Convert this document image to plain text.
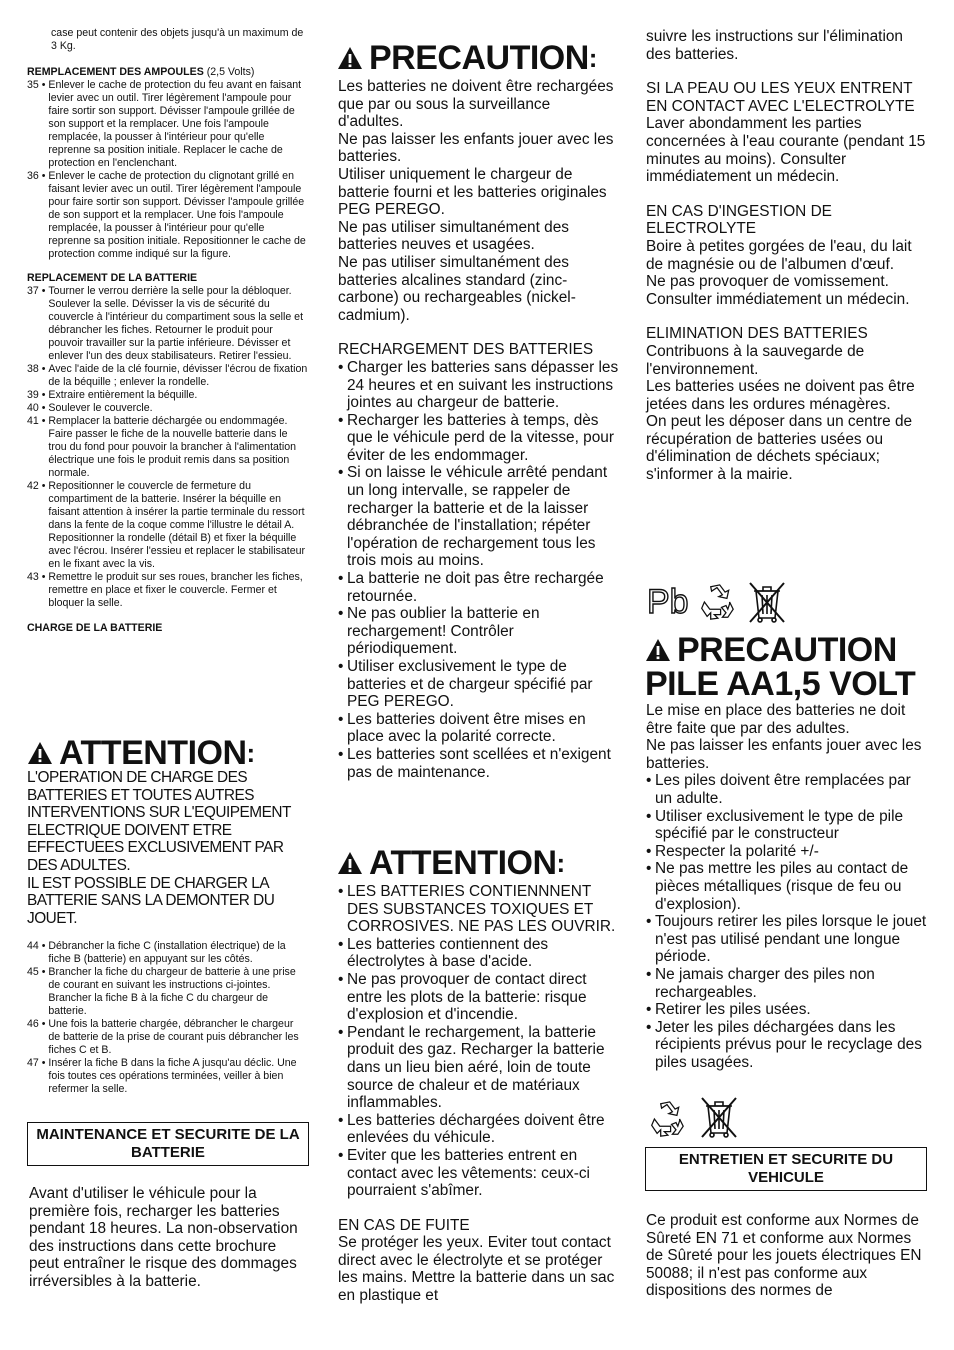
case peut contenir des objets jusqu'à un maximum de 3 Kg.

REMPLACEMENT DES AMPOULES (2,5 Volts)

35 •
Enlever le cache de protection du feu avant en faisant levier avec un outil. Tirer légèrement l'ampoule pour faire sortir son support. Dévisser l'ampoule grillée de son support et la remplacer. Une fois l'ampoule remplacée, la pousser à l'intérieur pour qu'elle reprenne sa position initiale. Replacer le cache de protection en l'enclenchant.
36 •
Enlever le cache de protection du clignotant grillé en faisant levier avec un outil. Tirer légèrement l'ampoule pour faire sortir son support. Dévisser l'ampoule grillée de son support et la remplacer. Une fois l'ampoule remplacée, la pousser à l'intérieur pour qu'elle reprenne sa position initiale. Repositionner le cache de protection comme indiqué sur la figure.

REPLACEMENT DE LA BATTERIE

37 •
Tourner le verrou derrière la selle pour la débloquer. Soulever la selle. Dévisser la vis de sécurité du couvercle à l'intérieur du compartiment sous la selle et débrancher les fiches. Retourner le produit pour pouvoir travailler sur la partie inférieure. Dévisser et enlever l'un des deux stabilisateurs. Retirer l'essieu.
38 •
Avec l'aide de la clé fournie, dévisser l'écrou de fixation de la béquille ; enlever la rondelle.
39 •
Extraire entièrement la béquille.
40 •
Soulever le couvercle.
41 •
Remplacer la batterie déchargée ou endommagée. Faire passer le fiche de la nouvelle batterie dans le trou du fond pour pouvoir la brancher à l'alimentation électrique une fois le produit remis dans sa position normale.
42 •
Repositionner le couvercle de fermeture du compartiment de la batterie. Insérer la béquille en faisant attention à insérer la partie terminale du ressort dans la fente de la coque comme l'illustre le détail A. Repositionner la rondelle (détail B) et fixer la béquille avec l'écrou. Insérer l'essieu et replacer le stabilisateur en le fixant avec la vis.
43 •
Remettre le produit sur ses roues, brancher les fiches, remettre en place et fixer le couvercle. Fermer et bloquer la selle.

CHARGE DE LA BATTERIE

ATTENTION :

L'OPERATION DE CHARGE DES BATTERIES ET TOUTES AUTRES INTERVENTIONS SUR L'EQUIPEMENT ELECTRIQUE DOIVENT ETRE EFFECTUEES EXCLUSIVEMENT PAR DES ADULTES.

IL EST POSSIBLE DE CHARGER LA BATTERIE SANS LA DEMONTER DU JOUET.

44 •
Débrancher la fiche C (installation électrique) de la fiche B (batterie) en appuyant sur les côtés.
45 •
Brancher la fiche du chargeur de batterie à une prise de courant en suivant les instructions ci-jointes. Brancher la fiche B à la fiche C du chargeur de batterie.
46 •
Une fois la batterie chargée, débrancher le chargeur de batterie de la prise de courant puis débrancher les fiches C et B.
47 •
Insérer la fiche B dans la fiche A jusqu'au déclic. Une fois toutes ces opérations terminées, veiller à bien refermer la selle.
MAINTENANCE ET SECURITE DE LA BATTERIE

Avant d'utiliser le véhicule pour la première fois, recharger les batteries pendant 18 heures. La non-observation des instructions dans cette brochure peut entraîner le risque des dommages irréversibles à la batterie.

PRECAUTION :

Les batteries ne doivent être rechargées que par ou sous la surveillance d'adultes.

Ne pas laisser les enfants jouer avec les batteries.

Utiliser uniquement le chargeur de batterie fourni et les batteries originales PEG PEREGO.

Ne pas utiliser simultanément des batteries neuves et usagées.

Ne pas utiliser simultanément des batteries alcalines standard (zinc-carbone) ou rechargeables (nickel-cadmium).

RECHARGEMENT DES BATTERIES

• Charger les batteries sans dépasser les 24 heures et en suivant les instructions jointes au chargeur de batterie.
• Recharger les batteries à temps, dès que le véhicule perd de la vitesse, pour éviter de les endommager.
• Si on laisse le véhicule arrêté pendant un long intervalle, se rappeler de recharger la batterie et de la laisser débranchée de l'installation; répéter l'opération de rechargement tous les trois mois au moins.
• La batterie ne doit pas être rechargée retournée.
• Ne pas oublier la batterie en rechargement! Contrôler périodiquement.
• Utiliser exclusivement le type de batteries et de chargeur spécifié par PEG PEREGO.
• Les batteries doivent être mises en place avec la polarité correcte.
• Les batteries sont scellées et n'exigent pas de maintenance.
ATTENTION :
• LES BATTERIES CONTIENNNENT DES SUBSTANCES TOXIQUES ET CORROSIVES. NE PAS LES OUVRIR.
• Les batteries contiennent des électrolytes à base d'acide.
• Ne pas provoquer de contact direct entre les plots de la batterie: risque d'explosion et d'incendie.
• Pendant le rechargement, la batterie produit des gaz. Recharger la batterie dans un lieu bien aéré, loin de toute source de chaleur et de matériaux inflammables.
• Les batteries déchargées doivent être enlevées du véhicule.
• Eviter que les batteries entrent en contact avec les vêtements: ceux-ci pourraient s'abîmer.

EN CAS DE FUITE

Se protéger les yeux. Eviter tout contact direct avec le électrolyte et se protéger les mains. Mettre la batterie dans un sac en plastique et

suivre les instructions sur l'élimination des batteries.

SI LA PEAU OU LES YEUX ENTRENT EN CONTACT AVEC L'ELECTROLYTE

Laver abondamment les parties concernées à l'eau courante (pendant 15 minutes au moins). Consulter immédiatement un médecin.

EN CAS D'INGESTION DE ELECTROLYTE

Boire à petites gorgées de l'eau, du lait de magnésie ou de l'albumen d'œuf.

Ne pas provoquer de vomissement. Consulter immédiatement un médecin.

ELIMINATION DES BATTERIES

Contribuons à la sauvegarde de l'environnement.

Les batteries usées ne doivent pas être jetées dans les ordures ménagères.

On peut les déposer dans un centre de récupération de batteries usées ou d'élimination de déchets spéciaux; s'informer à la mairie.

Pb
PRECAUTION
PILE AA1,5 VOLT

Le mise en place des batteries ne doit être faite que par des adultes.

Ne pas laisser les enfants jouer avec les batteries.

• Les piles doivent être remplacées par un adulte.
• Utiliser exclusivement le type de pile spécifié par le constructeur
• Respecter la polarité +/-
• Ne pas mettre les piles au contact de pièces métalliques (risque de feu ou d'explosion).
• Toujours retirer les piles lorsque le jouet n'est pas utilisé pendant une longue période.
• Ne jamais charger des piles non rechargeables.
• Retirer les piles usées.
• Jeter les piles déchargées dans les récipients prévus pour le recyclage des piles usagées.
ENTRETIEN ET SECURITE DU VEHICULE

Ce produit est conforme aux Normes de Sûreté EN 71 et conforme aux Normes de Sûreté pour les jouets électriques EN 50088; il n'est pas conforme aux dispositions des normes de
